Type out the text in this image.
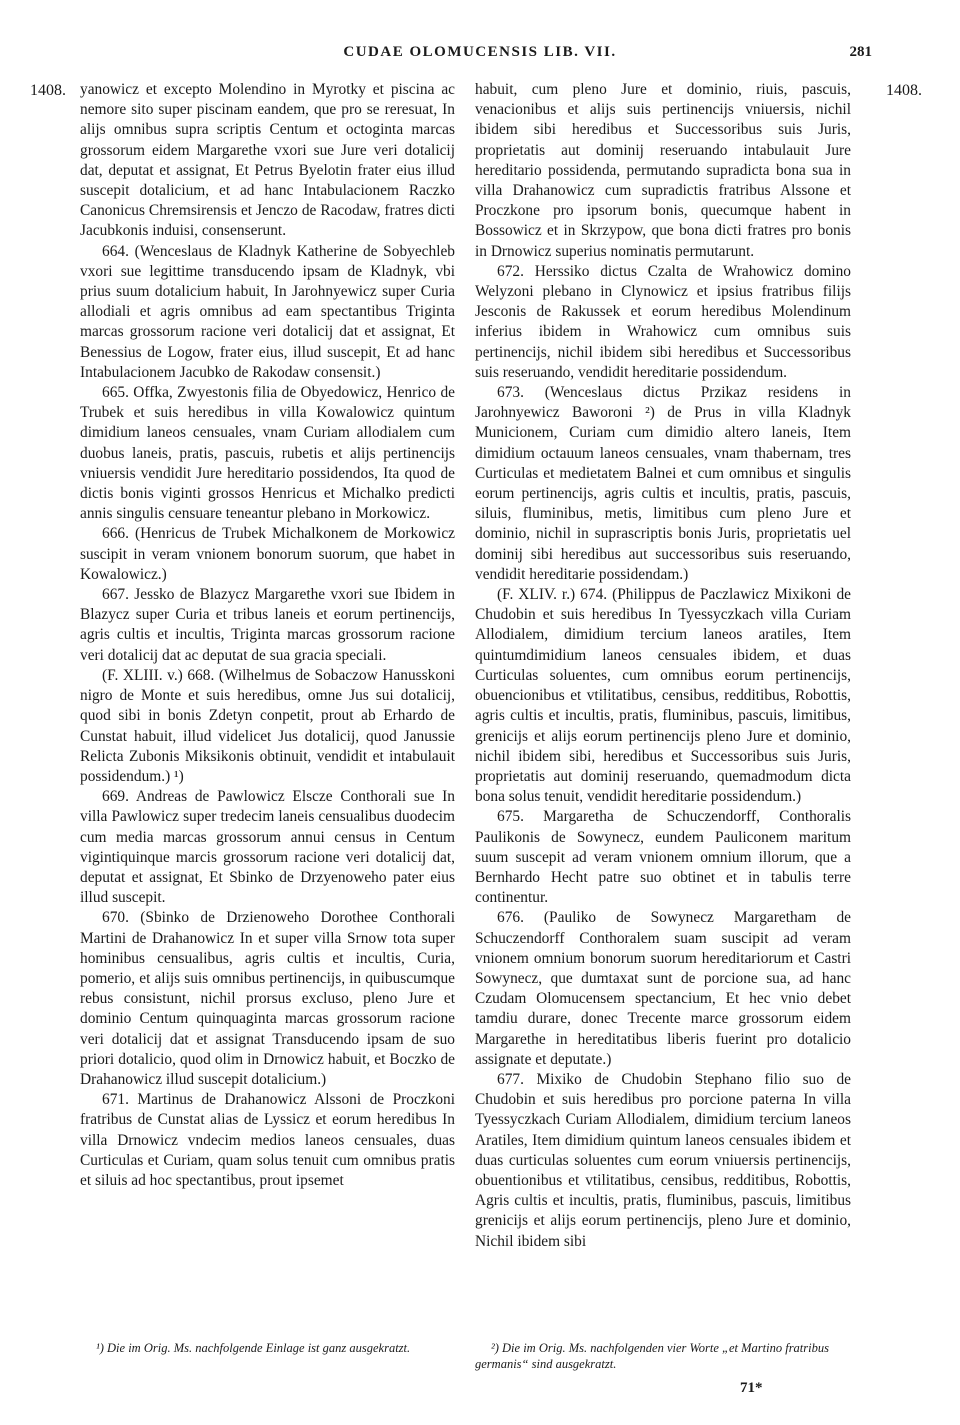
CUDAE OLOMUCENSIS LIB. VII.	281
1408.	1408.

yanowicz et excepto Molendino in Myrotky et piscina ac nemore sito super piscinam eandem, que pro se reresuat, In alijs omnibus supra scriptis Centum et octoginta marcas grossorum eidem Margarethe vxori sue Jure veri dotalicij dat, deputat et assignat, Et Petrus Byelotin frater eius illud suscepit dotalicium, et ad hanc Intabulacionem Raczko Canonicus Chremsirensis et Jenczo de Racodaw, fratres dicti Jacubkonis induisi, consenserunt.

664. (Wenceslaus de Kladnyk Katherine de Sobyechleb vxori sue legittime transducendo ipsam de Kladnyk, vbi prius suum dotalicium habuit, In Jarohnyewicz super Curia allodiali et agris omnibus ad eam spectantibus Triginta marcas grossorum racione veri dotalicij dat et assignat, Et Benessius de Logow, frater eius, illud suscepit, Et ad hanc Intabulacionem Jacubko de Rakodaw consensit.)

665. Offka, Zwyestonis filia de Obyedowicz, Henrico de Trubek et suis heredibus in villa Kowalowicz quintum dimidium laneos censuales, vnam Curiam allodialem cum duobus laneis, pratis, pascuis, rubetis et alijs pertinencijs vniuersis vendidit Jure hereditario possidendos, Ita quod de dictis bonis viginti grossos Henricus et Michalko predicti annis singulis censuare teneantur plebano in Morkowicz.

666. (Henricus de Trubek Michalkonem de Morkowicz suscipit in veram vnionem bonorum suorum, que habet in Kowalowicz.)

667. Jessko de Blazycz Margarethe vxori sue Ibidem in Blazycz super Curia et tribus laneis et eorum pertinencijs, agris cultis et incultis, Triginta marcas grossorum racione veri dotalicij dat ac deputat de sua gracia speciali.

(F. XLIII. v.) 668. (Wilhelmus de Sobaczow Hanusskoni nigro de Monte et suis heredibus, omne Jus sui dotalicij, quod sibi in bonis Zdetyn conpetit, prout ab Erhardo de Cunstat habuit, illud videlicet Jus dotalicij, quod Janussie Relicta Zubonis Miksikonis obtinuit, vendidit et intabulauit possidendum.) ¹)

669. Andreas de Pawlowicz Elscze Conthorali sue In villa Pawlowicz super tredecim laneis censualibus duodecim cum media marcas grossorum annui census in Centum vigintiquinque marcis grossorum racione veri dotalicij dat, deputat et assignat, Et Sbinko de Drzyenoweho pater eius illud suscepit.

670. (Sbinko de Drzienoweho Dorothee Conthorali Martini de Drahanowicz In et super villa Srnow tota super hominibus censualibus, agris cultis et incultis, Curia, pomerio, et alijs suis omnibus pertinencijs, in quibuscumque rebus consistunt, nichil prorsus excluso, pleno Jure et dominio Centum quinquaginta marcas grossorum racione veri dotalicij dat et assignat Transducendo ipsam de suo priori dotalicio, quod olim in Drnowicz habuit, et Boczko de Drahanowicz illud suscepit dotalicium.)

671. Martinus de Drahanowicz Alssoni de Proczkoni fratribus de Cunstat alias de Lyssicz et eorum heredibus In villa Drnowicz vndecim medios laneos censuales, duas Curticulas et Curiam, quam solus tenuit cum omnibus pratis et siluis ad hoc spectantibus, prout ipsemet

habuit, cum pleno Jure et dominio, riuis, pascuis, venacionibus et alijs suis pertinencijs vniuersis, nichil ibidem sibi heredibus et Successoribus suis Juris, proprietatis aut dominij reseruando intabulauit Jure hereditario possidenda, permutando supradicta bona sua in villa Drahanowicz cum supradictis fratribus Alssone et Proczkone pro ipsorum bonis, quecumque habent in Bossowicz et in Skrzypow, que bona dicti fratres pro bonis in Drnowicz superius nominatis permutarunt.

672. Herssiko dictus Czalta de Wrahowicz domino Welyzoni plebano in Clynowicz et ipsius fratribus filijs Jesconis de Rakussek et eorum heredibus Molendinum inferius ibidem in Wrahowicz cum omnibus suis pertinencijs, nichil ibidem sibi heredibus et Successoribus suis reseruando, vendidit hereditarie possidendum.

673. (Wenceslaus dictus Przikaz residens in Jarohnyewicz Baworoni ²) de Prus in villa Kladnyk Municionem, Curiam cum dimidio altero laneis, Item dimidium octauum laneos censuales, vnam thabernam, tres Curticulas et medietatem Balnei et cum omnibus et singulis eorum pertinencijs, agris cultis et incultis, pratis, pascuis, siluis, fluminibus, metis, limitibus cum pleno Jure et dominio, nichil in suprascriptis bonis Juris, proprietatis uel dominij sibi heredibus aut successoribus suis reseruando, vendidit hereditarie possidendam.)

(F. XLIV. r.) 674. (Philippus de Paczlawicz Mixikoni de Chudobin et suis heredibus In Tyessyczkach villa Curiam Allodialem, dimidium tercium laneos aratiles, Item quintumdimidium laneos censuales ibidem, et duas Curticulas soluentes, cum omnibus eorum pertinencijs, obuencionibus et vtilitatibus, censibus, redditibus, Robottis, agris cultis et incultis, pratis, fluminibus, pascuis, limitibus, grenicijs et alijs eorum pertinencijs pleno Jure et dominio, nichil ibidem sibi, heredibus et Successoribus suis Juris, proprietatis aut dominij reseruando, quemadmodum dicta bona solus tenuit, vendidit hereditarie possidendum.)

675. Margaretha de Schuczendorff, Conthoralis Paulikonis de Sowynecz, eundem Pauliconem maritum suum suscepit ad veram vnionem omnium illorum, que a Bernhardo Hecht patre suo obtinet et in tabulis terre continentur.

676. (Pauliko de Sowynecz Margaretham de Schuczendorff Conthoralem suam suscipit ad veram vnionem omnium bonorum suorum hereditariorum et Castri Sowynecz, que dumtaxat sunt de porcione sua, ad hanc Czudam Olomucensem spectancium, Et hec vnio debet tamdiu durare, donec Trecente marce grossorum eidem Margarethe in hereditatibus liberis fuerint pro dotalicio assignate et deputate.)

677. Mixiko de Chudobin Stephano filio suo de Chudobin et suis heredibus pro porcione paterna In villa Tyessyczkach Curiam Allodialem, dimidium tercium laneos Aratiles, Item dimidium quintum laneos censuales ibidem et duas curticulas soluentes cum eorum vniuersis pertinencijs, obuentionibus et vtilitatibus, censibus, redditibus, Robottis, Agris cultis et incultis, pratis, fluminibus, pascuis, limitibus grenicijs et alijs eorum pertinencijs, pleno Jure et dominio, Nichil ibidem sibi

¹) Die im Orig. Ms. nachfolgende Einlage ist ganz ausgekratzt.	²) Die im Orig. Ms. nachfolgenden vier Worte „et Martino fratribus germanis“ sind ausgekratzt.

71*
